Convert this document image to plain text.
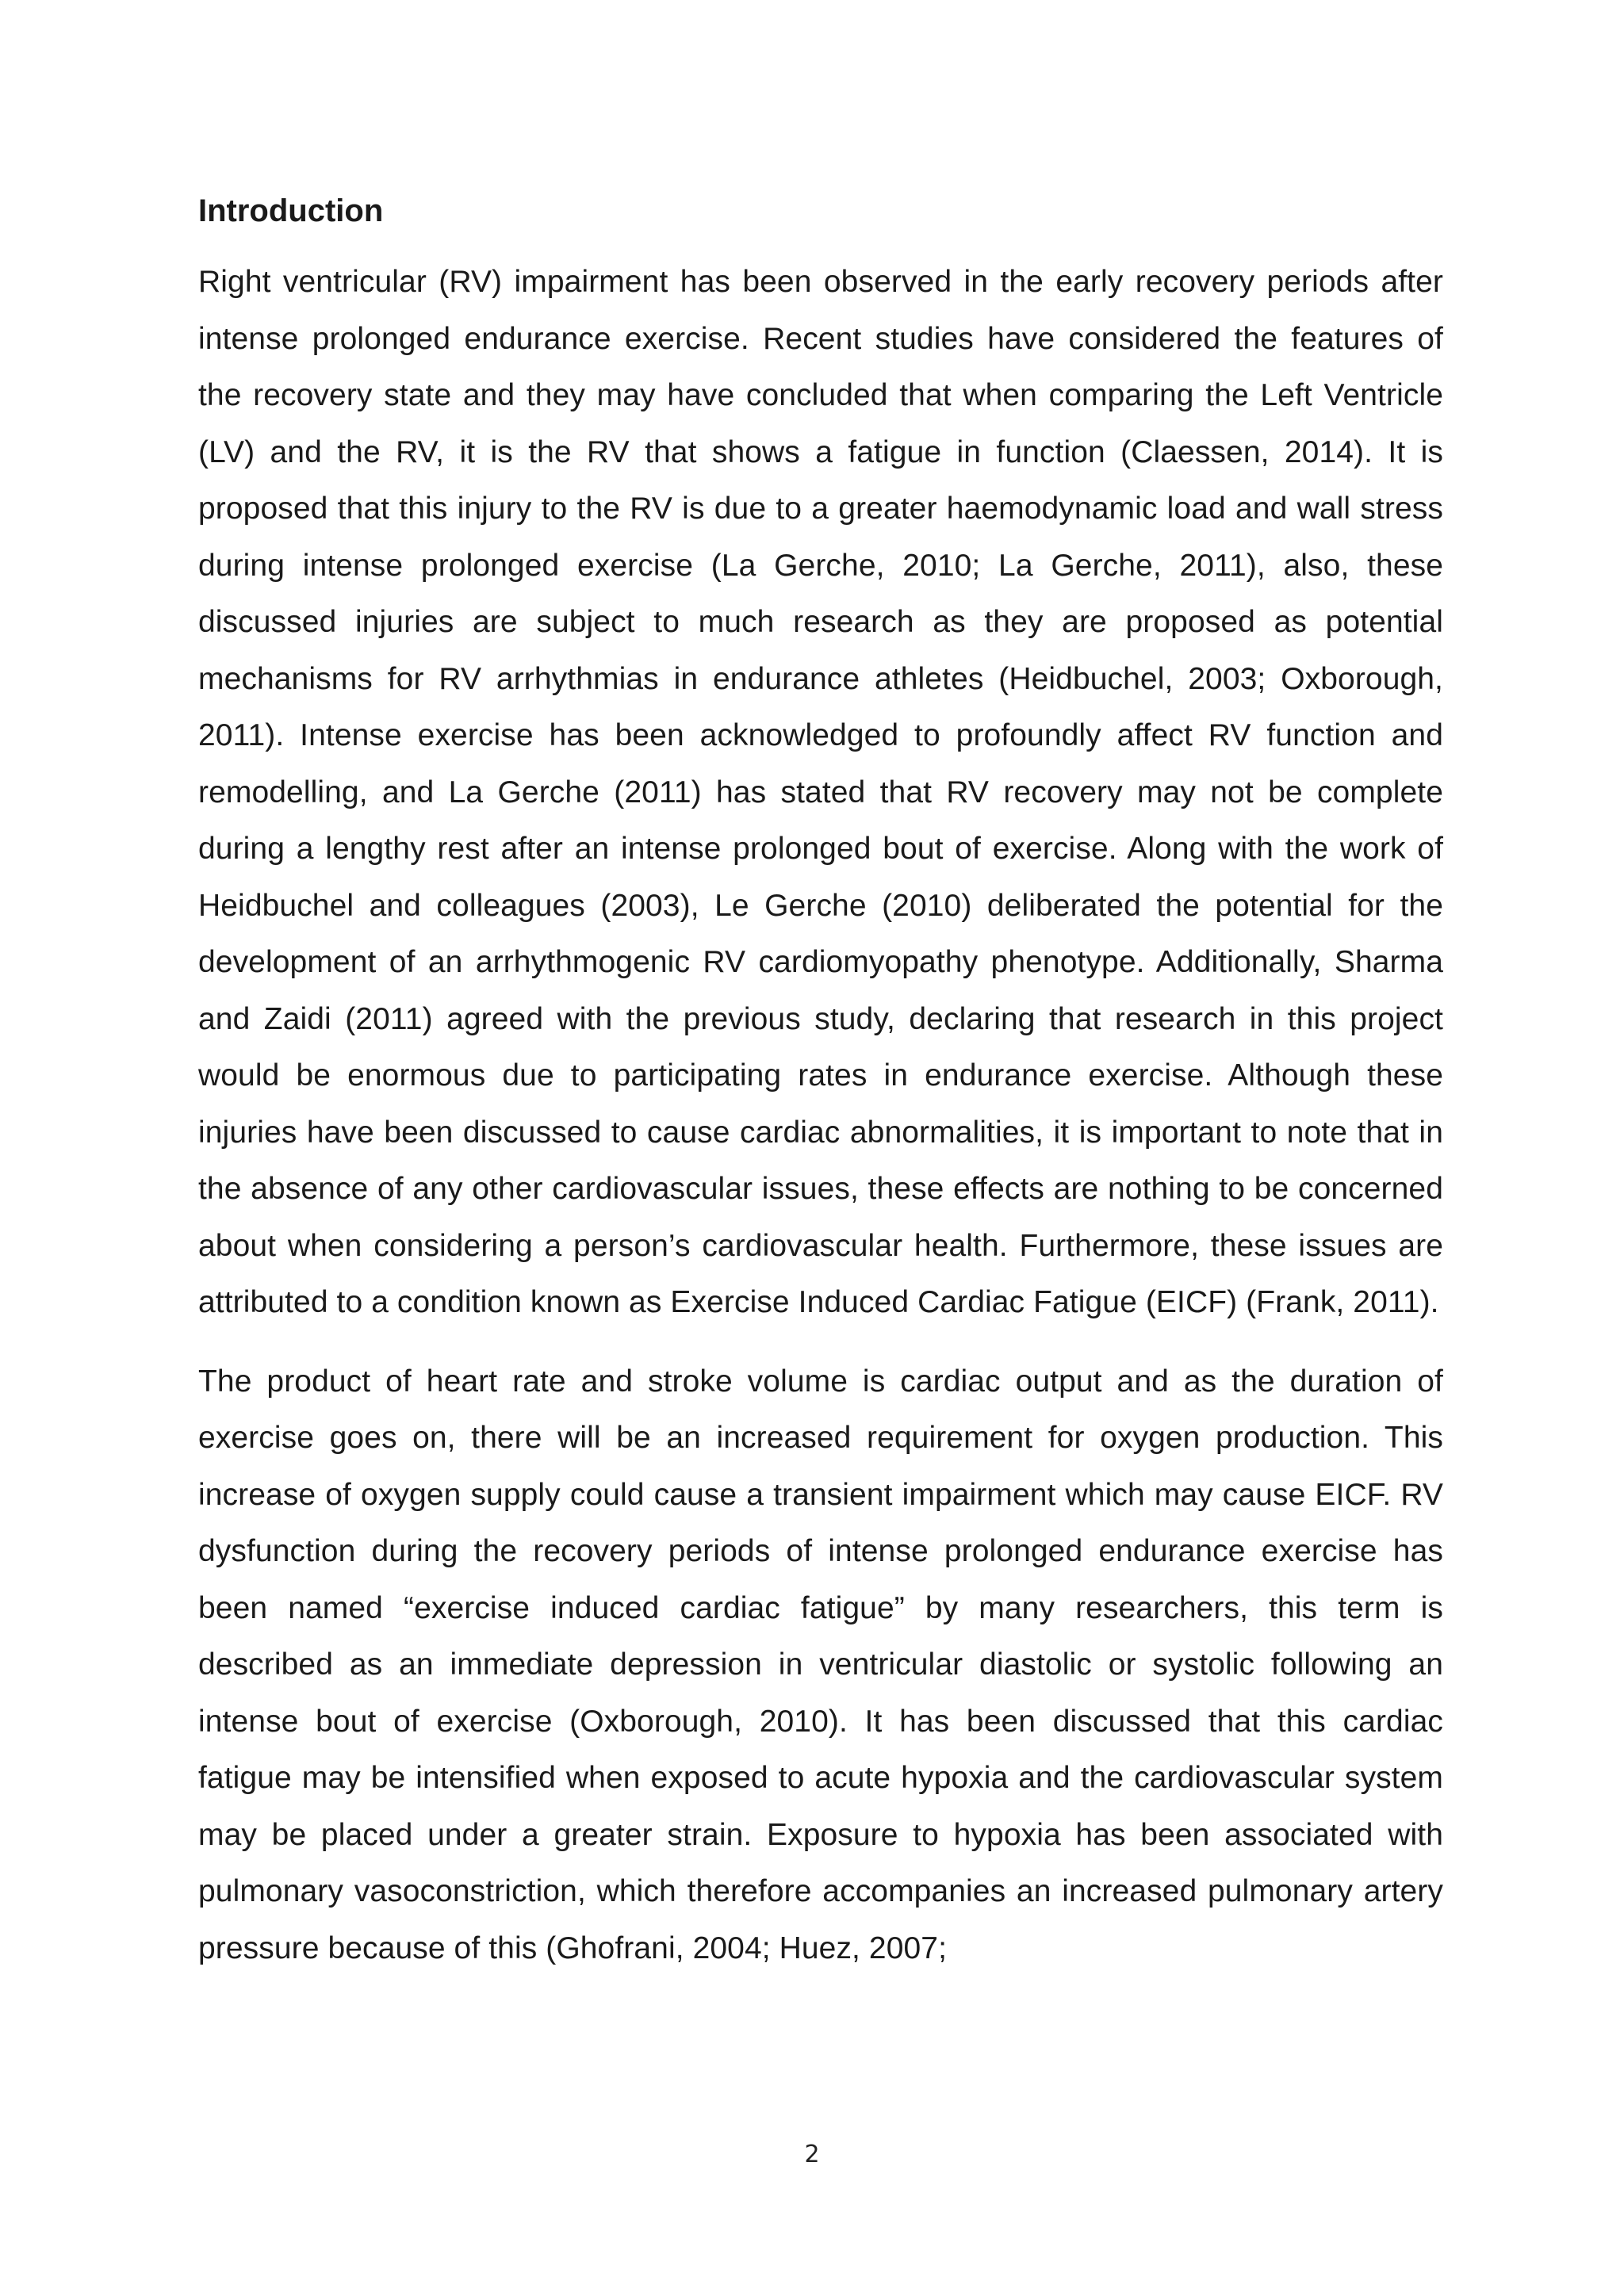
Introduction

Right ventricular (RV) impairment has been observed in the early recovery periods after intense prolonged endurance exercise. Recent studies have considered the features of the recovery state and they may have concluded that when comparing the Left Ventricle (LV) and the RV, it is the RV that shows a fatigue in function (Claessen, 2014). It is proposed that this injury to the RV is due to a greater haemodynamic load and wall stress during intense prolonged exercise (La Gerche, 2010; La Gerche, 2011), also, these discussed injuries are subject to much research as they are proposed as potential mechanisms for RV arrhythmias in endurance athletes (Heidbuchel, 2003; Oxborough, 2011). Intense exercise has been acknowledged to profoundly affect RV function and remodelling, and La Gerche (2011) has stated that RV recovery may not be complete during a lengthy rest after an intense prolonged bout of exercise. Along with the work of Heidbuchel and colleagues (2003), Le Gerche (2010) deliberated the potential for the development of an arrhythmogenic RV cardiomyopathy phenotype. Additionally, Sharma and Zaidi (2011) agreed with the previous study, declaring that research in this project would be enormous due to participating rates in endurance exercise. Although these injuries have been discussed to cause cardiac abnormalities, it is important to note that in the absence of any other cardiovascular issues, these effects are nothing to be concerned about when considering a person’s cardiovascular health. Furthermore, these issues are attributed to a condition known as Exercise Induced Cardiac Fatigue (EICF) (Frank, 2011).

The product of heart rate and stroke volume is cardiac output and as the duration of exercise goes on, there will be an increased requirement for oxygen production. This increase of oxygen supply could cause a transient impairment which may cause EICF. RV dysfunction during the recovery periods of intense prolonged endurance exercise has been named “exercise induced cardiac fatigue” by many researchers, this term is described as an immediate depression in ventricular diastolic or systolic following an intense bout of exercise (Oxborough, 2010). It has been discussed that this cardiac fatigue may be intensified when exposed to acute hypoxia and the cardiovascular system may be placed under a greater strain. Exposure to hypoxia has been associated with pulmonary vasoconstriction, which therefore accompanies an increased pulmonary artery pressure because of this (Ghofrani, 2004; Huez, 2007;

2
